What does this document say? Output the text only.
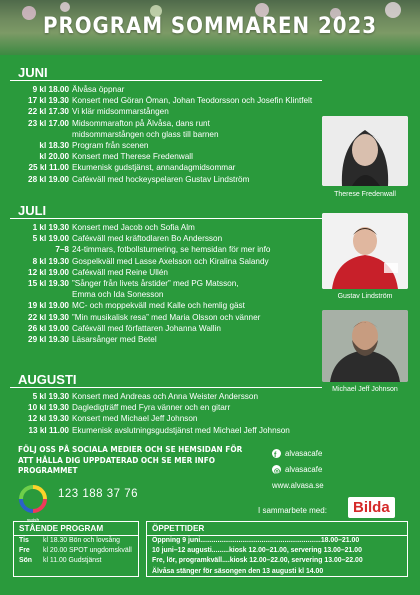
PROGRAM SOMMAREN 2023
JUNI
9 kl 18.00 Älvåsa öppnar
17 kl 19.30 Konsert med Göran Öman, Johan Teodorsson och Josefin Klintfelt
22 kl 17.30 Vi klär midsommarstången
23 kl 17.00 Midsommarafton på Älvåsa, dans runt
midsommarstången och glass till barnen
kl 18.30 Program från scenen
kl 20.00 Konsert med Therese Fredenwall
25 kl 11.00 Ekumenisk gudstjänst, annandagmidsommar
28 kl 19.00 Caféкväll med hockeyspelaren Gustav Lindström
JULI
1 kl 19.30 Konsert med Jacob och Sofia Alm
5 kl 19.00 Caféкväll med kräftodlaren Bo Andersson
7–8 24-timmars, fotbollsturnering, se hemsidan för mer info
8 kl 19.30 Gospelkväll med Lasse Axelsson och Kiralina Salandy
12 kl 19.00 Caféкväll med Reine Ullén
15 kl 19.30 ”Sånger från livets årstider” med PG Matsson,
Emma och Ida Sonesson
19 kl 19.00 MC- och moppekväll med Kalle och hemlig gäst
22 kl 19.30 ”Min musikalisk resa” med Maria Olsson och vänner
26 kl 19.00 Caféкväll med författaren Johanna Wallin
29 kl 19.30 Läsarsånger med Betel
AUGUSTI
5 kl 19.30 Konsert med Andreas och Anna Weister Andersson
10 kl 19.30 Dagledigträff med Fyra vänner och en gitarr
12 kl 19.30 Konsert med Michael Jeff Johnson
13 kl 11.00 Ekumenisk avslutningsgudstjänst med Michael Jeff Johnson
Therese Fredenwall
Gustav Lindström
Michael Jeff Johnson
FÖLJ OSS PÅ SOCIALA MEDIER OCH SE HEMSIDAN FÖR ATT HÅLLA DIG UPPDATERAD OCH SE MER INFO PROGRAMMET
f alvasacafe
◎ alvasacafe
www.alvasa.se
swish
123 188 37 76
I sammarbete med:	Bilda
STÅENDE PROGRAM
Tis kl 18.30 Bön och lovsång
Fre kl 20.00 SPOT ungdomskväll
Sön kl 11.00 Gudstjänst
ÖPPETTIDER
Öppning 9 juni...............................................................18.00–21.00
10 juni–12 augusti.........kiosk 12.00–21.00, servering 13.00–21.00
Fre, lör, programkväll....kiosk 12.00–22.00, servering 13.00–22.00
Älvåsa stänger för säsongen den 13 augusti kl 14.00
